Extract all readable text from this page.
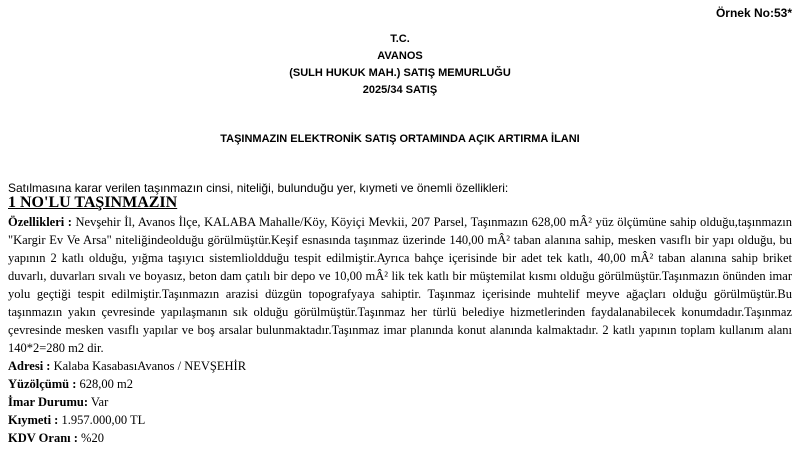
Örnek No:53*
T.C.
AVANOS
(SULH HUKUK MAH.) SATIŞ MEMURLUĞU
2025/34 SATIŞ
TAŞINMAZIN ELEKTRONİK SATIŞ ORTAMINDA AÇIK ARTIRMA İLANI
Satılmasına karar verilen taşınmazın cinsi, niteliği, bulunduğu yer, kıymeti ve önemli özellikleri:
1 NO'LU TAŞINMAZIN
Özellikleri : Nevşehir İl, Avanos İlçe, KALABA Mahalle/Köy, Köyiçi Mevkii, 207 Parsel, Taşınmazın 628,00 mÂ² yüz ölçümüne sahip olduğu,taşınmazın "Kargir Ev Ve Arsa" niteliğindeolduğu görülmüştür.Keşif esnasında taşınmaz üzerinde 140,00 mÂ² taban alanına sahip, mesken vasıflı bir yapı olduğu, bu yapının 2 katlı olduğu, yığma taşıyıcı sistemlioldduğu tespit edilmiştir.Ayrıca bahçe içerisinde bir adet tek katlı, 40,00 mÂ² taban alanına sahip briket duvarlı, duvarları sıvalı ve boyasız, beton dam çatılı bir depo ve 10,00 mÂ² lik tek katlı bir müştemilat kısmı olduğu görülmüştür.Taşınmazın önünden imar yolu geçtiği tespit edilmiştir.Taşınmazın arazisi düzgün topografyaya sahiptir. Taşınmaz içerisinde muhtelif meyve ağaçları olduğu görülmüştür.Bu taşınmazın yakın çevresinde yapılaşmanın sık olduğu görülmüştür.Taşınmaz her türlü belediye hizmetlerinden faydalanabilecek konumdadır.Taşınmaz çevresinde mesken vasıflı yapılar ve boş arsalar bulunmaktadır.Taşınmaz imar planında konut alanında kalmaktadır. 2 katlı yapının toplam kullanım alanı 140*2=280 m2 dir.
Adresi : Kalaba KasabasıAvanos / NEVŞEHİR
Yüzölçümü : 628,00 m2
İmar Durumu: Var
Kıymeti : 1.957.000,00 TL
KDV Oranı : %20
